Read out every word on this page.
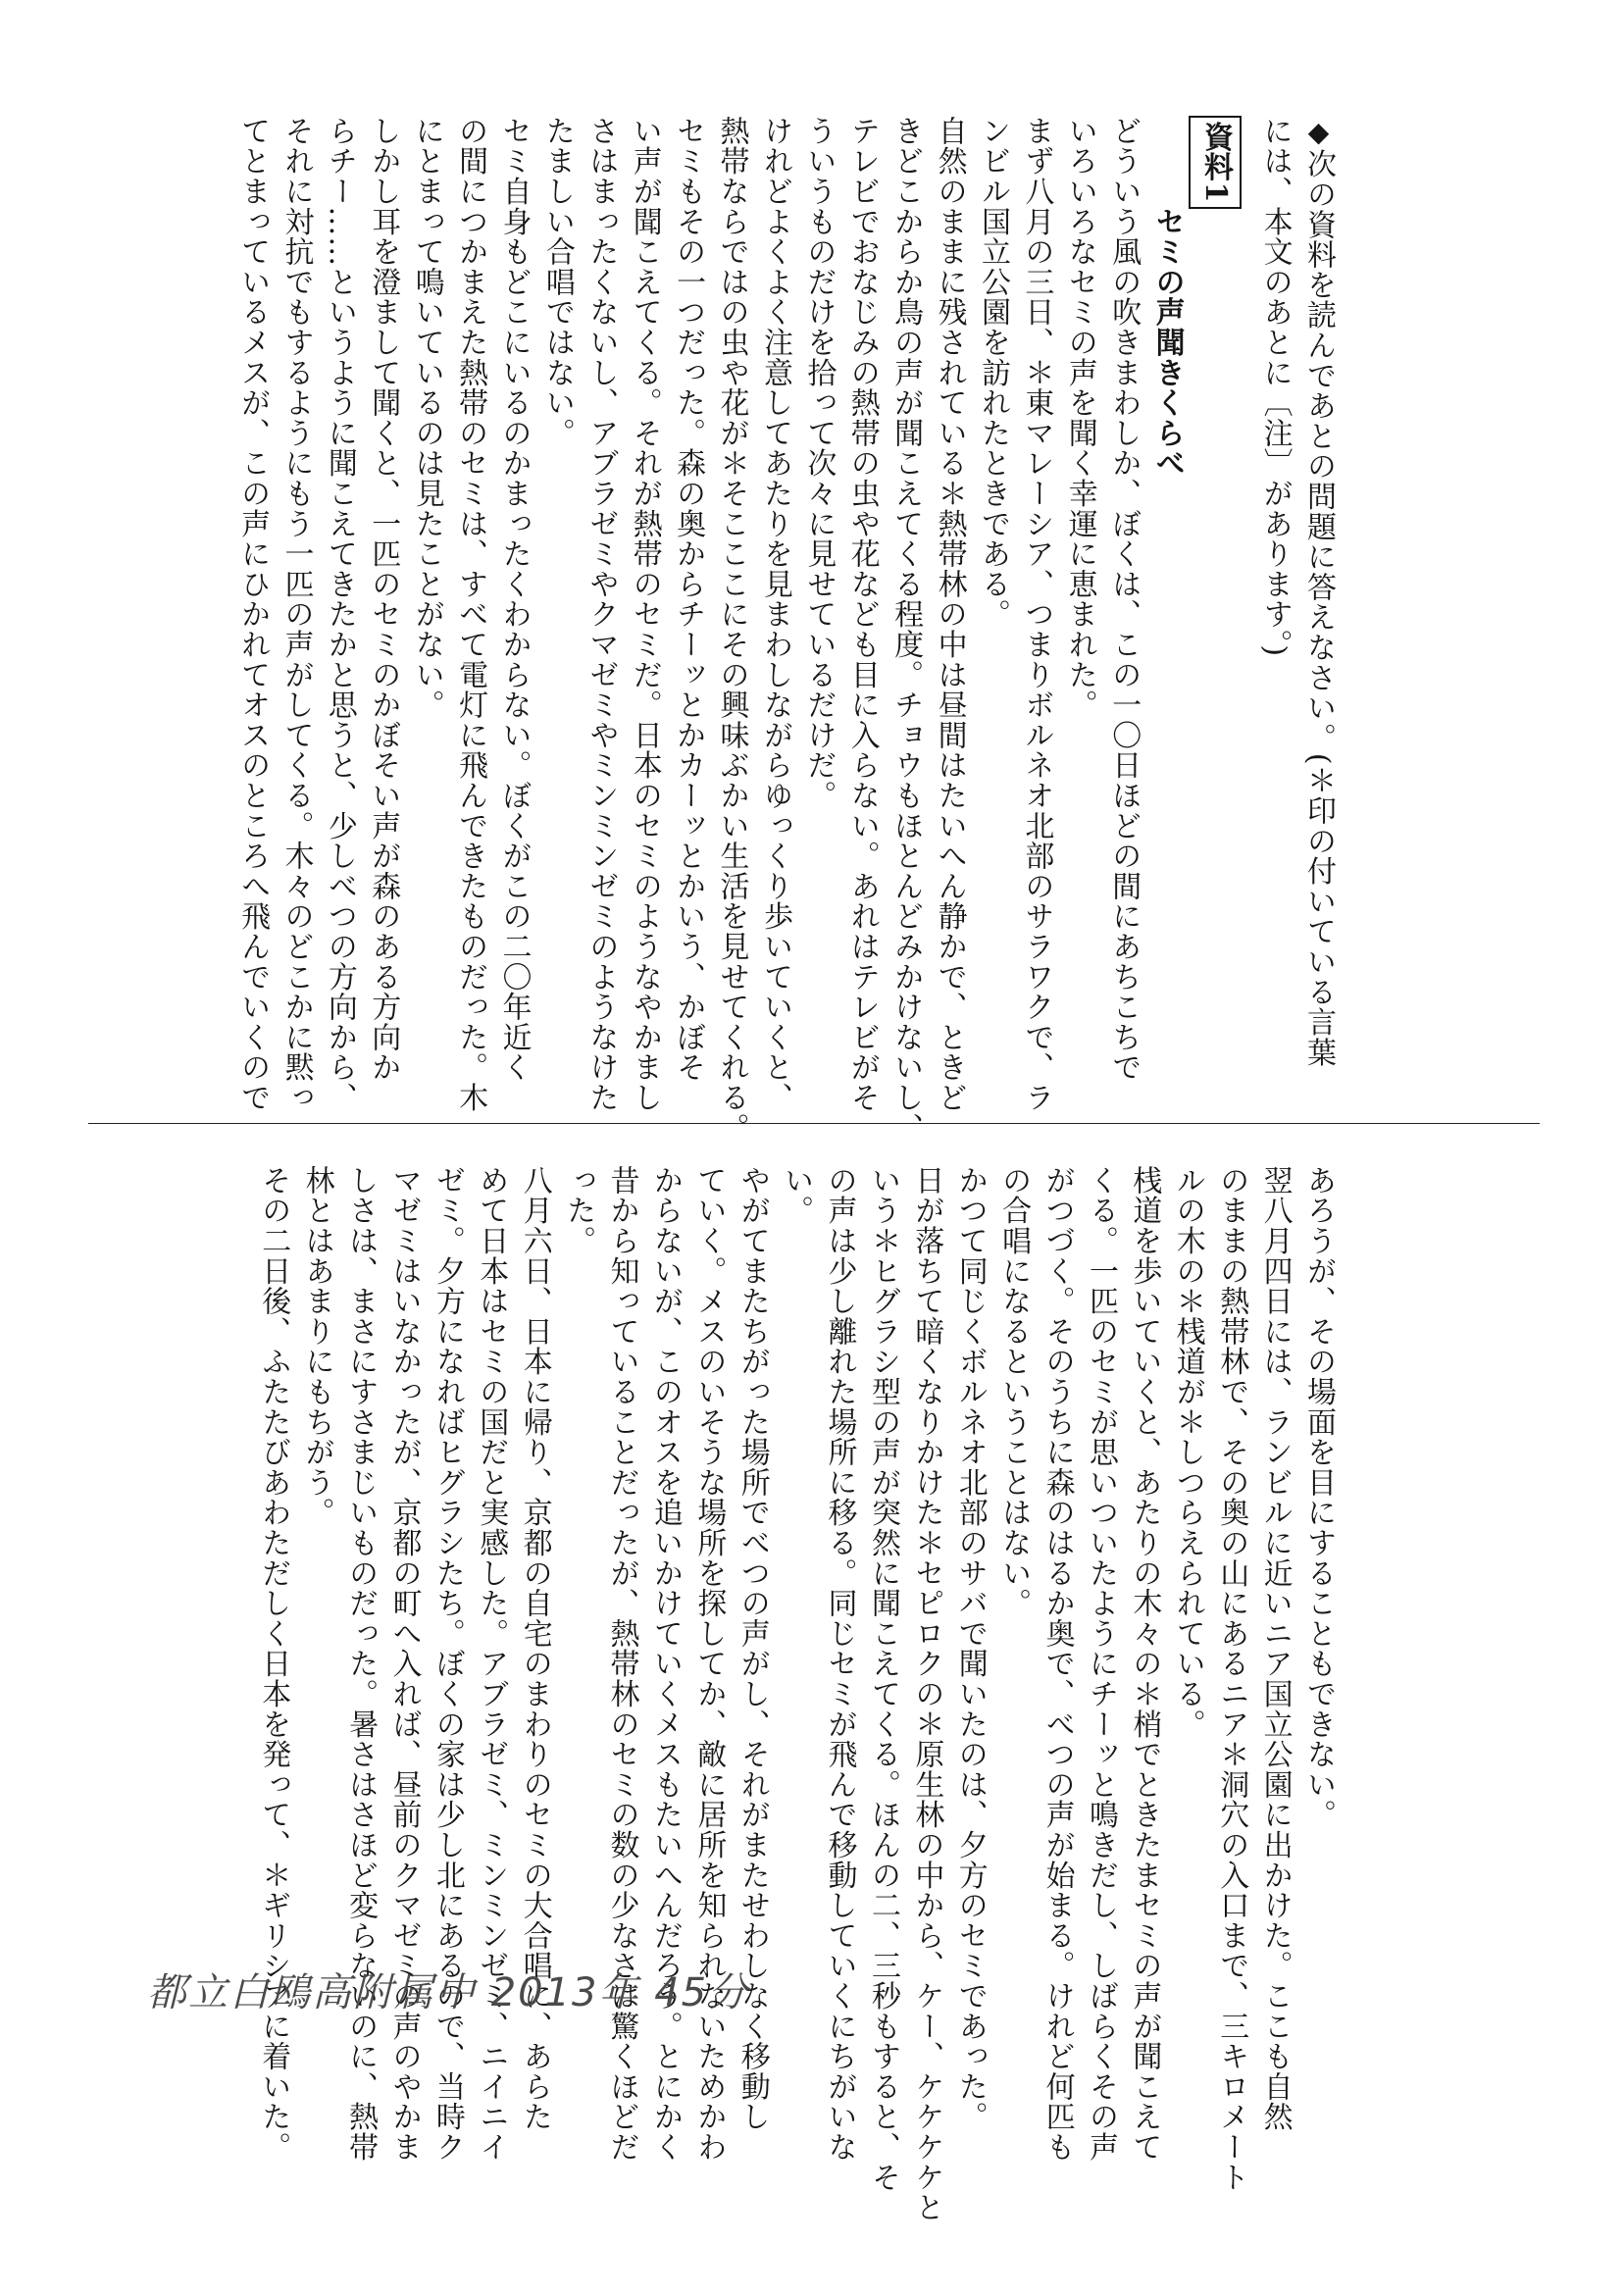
◆次の資料を読んであとの問題に答えなさい。(＊印の付いている言葉
には、本文のあとに〔注〕があります。)
資料1
　　　セミの声聞きくらべ
どういう風の吹きまわしか、ぼくは、この一〇日ほどの間にあちこちで
いろいろなセミの声を聞く幸運に恵まれた。
まず八月の三日、＊東マレーシア、つまりボルネオ北部のサラワクで、ラ
ンビル国立公園を訪れたときである。
自然のままに残されている＊熱帯林の中は昼間はたいへん静かで、ときど
きどこからか鳥の声が聞こえてくる程度。チョウもほとんどみかけないし、
テレビでおなじみの熱帯の虫や花なども目に入らない。あれはテレビがそ
ういうものだけを拾って次々に見せているだけだ。
けれどよくよく注意してあたりを見まわしながらゆっくり歩いていくと、
熱帯ならではの虫や花が＊そこここにその興味ぶかい生活を見せてくれる。
セミもその一つだった。森の奥からチーッとかカーッとかいう、かぼそ
い声が聞こえてくる。それが熱帯のセミだ。日本のセミのようなやかまし
さはまったくないし、アブラゼミやクマゼミやミンミンゼミのようなけた
たましい合唱ではない。
セミ自身もどこにいるのかまったくわからない。ぼくがこの二〇年近く
の間につかまえた熱帯のセミは、すべて電灯に飛んできたものだった。木
にとまって鳴いているのは見たことがない。
しかし耳を澄まして聞くと、一匹のセミのかぼそい声が森のある方向か
らチー……というように聞こえてきたかと思うと、少しべつの方向から、
それに対抗でもするようにもう一匹の声がしてくる。木々のどこかに黙っ
てとまっているメスが、この声にひかれてオスのところへ飛んでいくので
あろうが、その場面を目にすることもできない。
翌八月四日には、ランビルに近いニア国立公園に出かけた。ここも自然
のままの熱帯林で、その奥の山にあるニア＊洞穴の入口まで、三キロメート
ルの木の＊桟道が＊しつらえられている。
桟道を歩いていくと、あたりの木々の＊梢でときたまセミの声が聞こえて
くる。一匹のセミが思いついたようにチーッと鳴きだし、しばらくその声
がつづく。そのうちに森のはるか奥で、べつの声が始まる。けれど何匹も
の合唱になるということはない。
かつて同じくボルネオ北部のサバで聞いたのは、夕方のセミであった。
日が落ちて暗くなりかけた＊セピロクの＊原生林の中から、ケー、ケケケケと
いう＊ヒグラシ型の声が突然に聞こえてくる。ほんの二、三秒もすると、そ
の声は少し離れた場所に移る。同じセミが飛んで移動していくにちがいな
い。
やがてまたちがった場所でべつの声がし、それがまたせわしなく移動し
ていく。メスのいそうな場所を探してか、敵に居所を知られないためかわ
からないが、このオスを追いかけていくメスもたいへんだろう。とにかく
昔から知っていることだったが、熱帯林のセミの数の少なさは驚くほどだ
った。
八月六日、日本に帰り、京都の自宅のまわりのセミの大合唱に、あらた
めて日本はセミの国だと実感した。アブラゼミ、ミンミンゼミ、ニイニイ
ゼミ。夕方になればヒグラシたち。ぼくの家は少し北にあるので、当時ク
マゼミはいなかったが、京都の町へ入れば、昼前のクマゼミの声のやかま
しさは、まさにすさまじいものだった。暑さはさほど変らないのに、熱帯
林とはあまりにもちがう。
その二日後、ふたたびあわただしく日本を発って、＊ギリシアに着いた。
都立白鴎高附属中 2013年 45分
